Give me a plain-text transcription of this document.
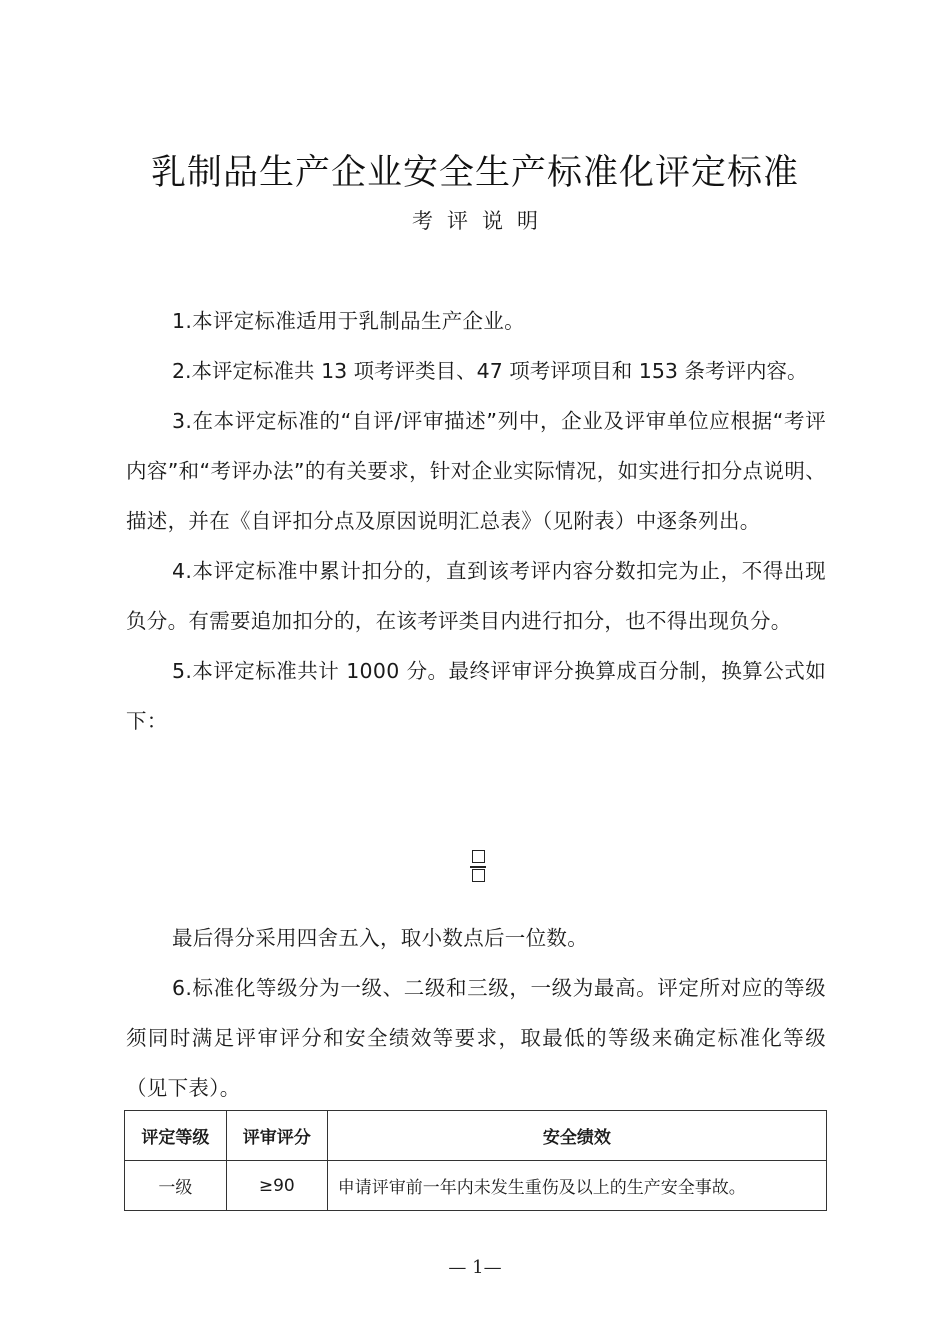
乳制品生产企业安全生产标准化评定标准
考评说明

1.本评定标准适用于乳制品生产企业。

2.本评定标准共 13 项考评类目、47 项考评项目和 153 条考评内容。

3.在本评定标准的“自评/评审描述”列中，企业及评审单位应根据“考评内容”和“考评办法”的有关要求，针对企业实际情况，如实进行扣分点说明、描述，并在《自评扣分点及原因说明汇总表》（见附表）中逐条列出。

4.本评定标准中累计扣分的，直到该考评内容分数扣完为止，不得出现负分。有需要追加扣分的，在该考评类目内进行扣分，也不得出现负分。

5.本评定标准共计 1000 分。最终评审评分换算成百分制，换算公式如下：

最后得分采用四舍五入，取小数点后一位数。

6.标准化等级分为一级、二级和三级，一级为最高。评定所对应的等级须同时满足评审评分和安全绩效等要求，取最低的等级来确定标准化等级（见下表）。

评定等级	评审评分	安全绩效
一级	≥90	申请评审前一年内未发生重伤及以上的生产安全事故。
— 1—
